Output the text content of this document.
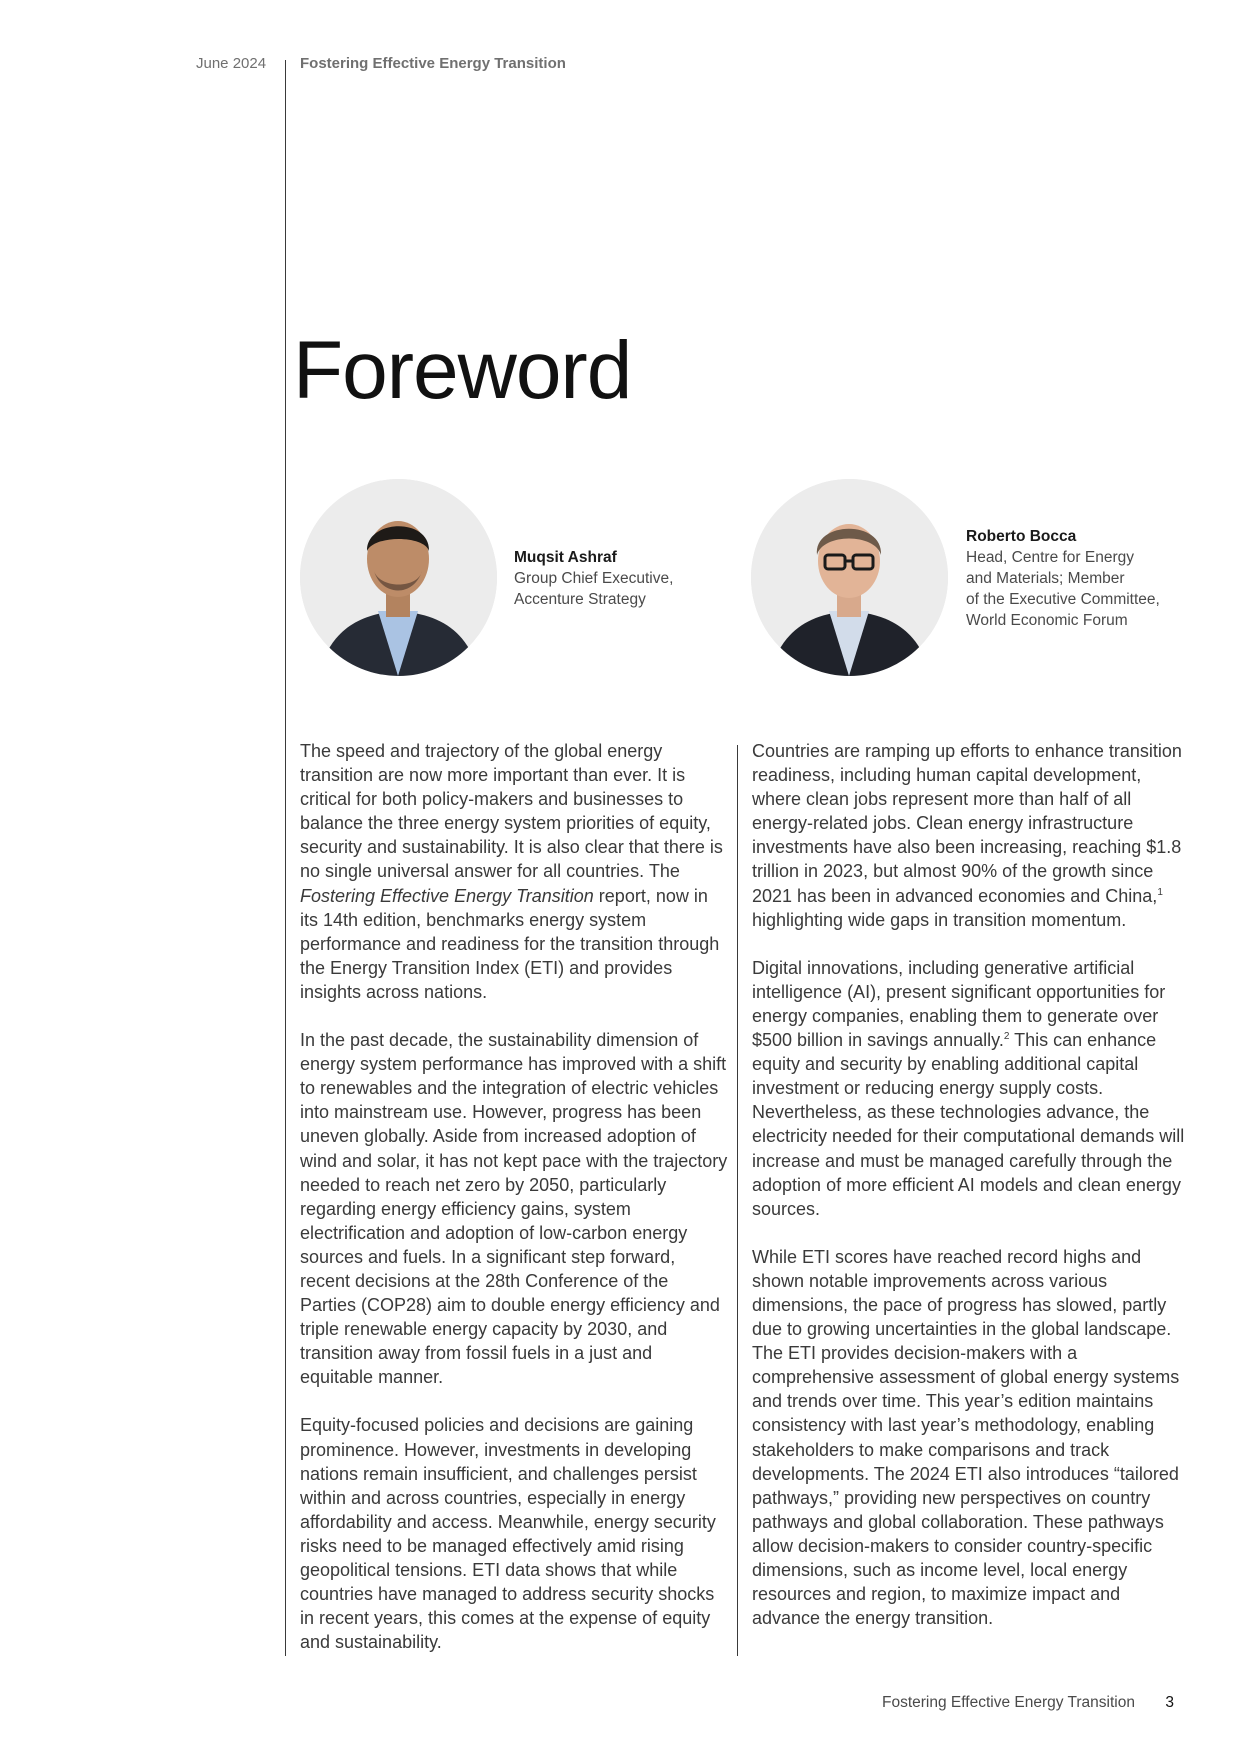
June 2024	Fostering Effective Energy Transition
Foreword
Muqsit Ashraf
Group Chief Executive,
Accenture Strategy
Roberto Bocca
Head, Centre for Energy
and Materials; Member
of the Executive Committee,
World Economic Forum

The speed and trajectory of the global energy transition are now more important than ever. It is critical for both policy-makers and businesses to balance the three energy system priorities of equity, security and sustainability. It is also clear that there is no single universal answer for all countries. The Fostering Effective Energy Transition report, now in its 14th edition, benchmarks energy system performance and readiness for the transition through the Energy Transition Index (ETI) and provides insights across nations.

In the past decade, the sustainability dimension of energy system performance has improved with a shift to renewables and the integration of electric vehicles into mainstream use. However, progress has been uneven globally. Aside from increased adoption of wind and solar, it has not kept pace with the trajectory needed to reach net zero by 2050, particularly regarding energy efficiency gains, system electrification and adoption of low-carbon energy sources and fuels. In a significant step forward, recent decisions at the 28th Conference of the Parties (COP28) aim to double energy efficiency and triple renewable energy capacity by 2030, and transition away from fossil fuels in a just and equitable manner.

Equity-focused policies and decisions are gaining prominence. However, investments in developing nations remain insufficient, and challenges persist within and across countries, especially in energy affordability and access. Meanwhile, energy security risks need to be managed effectively amid rising geopolitical tensions. ETI data shows that while countries have managed to address security shocks in recent years, this comes at the expense of equity and sustainability.

Countries are ramping up efforts to enhance transition readiness, including human capital development, where clean jobs represent more than half of all energy-related jobs. Clean energy infrastructure investments have also been increasing, reaching $1.8 trillion in 2023, but almost 90% of the growth since 2021 has been in advanced economies and China,$^1$ highlighting wide gaps in transition momentum.

Digital innovations, including generative artificial intelligence (AI), present significant opportunities for energy companies, enabling them to generate over $500 billion in savings annually.$^2$ This can enhance equity and security by enabling additional capital investment or reducing energy supply costs. Nevertheless, as these technologies advance, the electricity needed for their computational demands will increase and must be managed carefully through the adoption of more efficient AI models and clean energy sources.

While ETI scores have reached record highs and shown notable improvements across various dimensions, the pace of progress has slowed, partly due to growing uncertainties in the global landscape. The ETI provides decision-makers with a comprehensive assessment of global energy systems and trends over time. This year’s edition maintains consistency with last year’s methodology, enabling stakeholders to make comparisons and track developments. The 2024 ETI also introduces “tailored pathways,” providing new perspectives on country pathways and global collaboration. These pathways allow decision-makers to consider country-specific dimensions, such as income level, local energy resources and region, to maximize impact and advance the energy transition.

Fostering Effective Energy Transition 3
